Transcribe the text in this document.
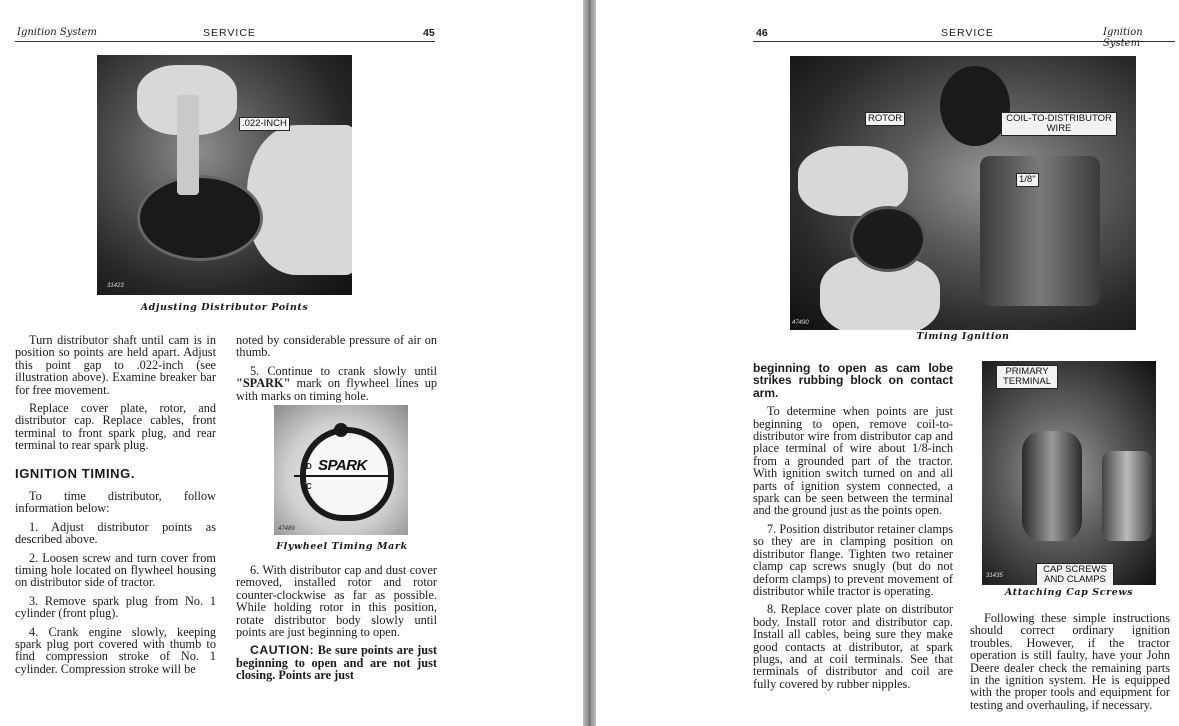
Ignition System	SERVICE	45
.022-INCH
31423
Adjusting Distributor Points

Turn distributor shaft until cam is in position so points are held apart. Adjust this point gap to .022-inch (see illustration above). Examine breaker bar for free movement.

Replace cover plate, rotor, and distributor cap. Replace cables, front terminal to front spark plug, and rear terminal to rear spark plug.

IGNITION TIMING.

To time distributor, follow information below:

1. Adjust distributor points as described above.

2. Loosen screw and turn cover from timing hole located on flywheel housing on distributor side of tractor.

3. Remove spark plug from No. 1 cylinder (front plug).

4. Crank engine slowly, keeping spark plug port covered with thumb to find compression stroke of No. 1 cylinder. Compression stroke will be

noted by considerable pressure of air on thumb.

5. Continue to crank slowly until "SPARK" mark on flywheel lines up with marks on timing hole.

SPARK
D
C
47489
Flywheel Timing Mark

6. With distributor cap and dust cover removed, installed rotor and rotor counter-clockwise as far as possible. While holding rotor in this position, rotate distributor body slowly until points are just beginning to open.

CAUTION: Be sure points are just beginning to open and are not just closing. Points are just

46	SERVICE	Ignition System
ROTOR	COIL-TO-DISTRIBUTOR WIRE
1/8"
47490
Timing Ignition

beginning to open as cam lobe strikes rubbing block on contact arm.

To determine when points are just beginning to open, remove coil-to-distributor wire from distributor cap and place terminal of wire about 1/8-inch from a grounded part of the tractor. With ignition switch turned on and all parts of ignition system connected, a spark can be seen between the terminal and the ground just as the points open.

7. Position distributor retainer clamps so they are in clamping position on distributor flange. Tighten two retainer clamp cap screws snugly (but do not deform clamps) to prevent movement of distributor while tractor is operating.

8. Replace cover plate on distributor body. Install rotor and distributor cap. Install all cables, being sure they make good contacts at distributor, at spark plugs, and at coil terminals. See that terminals of distributor and coil are fully covered by rubber nipples.

PRIMARY TERMINAL
CAP SCREWS AND CLAMPS
31435
Attaching Cap Screws

Following these simple instructions should correct ordinary ignition troubles. However, if the tractor operation is still faulty, have your John Deere dealer check the remaining parts in the ignition system. He is equipped with the proper tools and equipment for testing and overhauling, if necessary.
